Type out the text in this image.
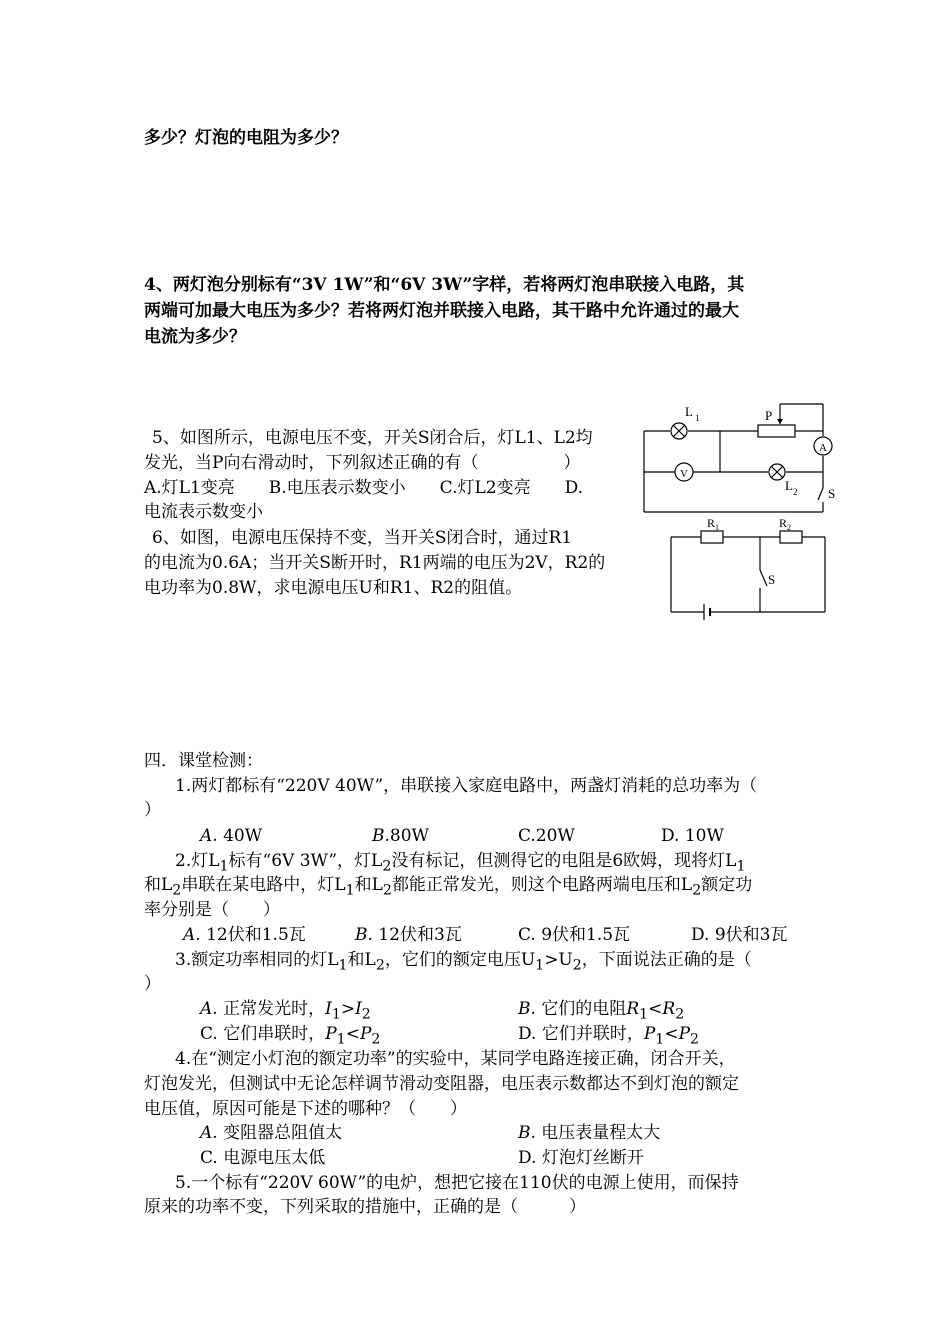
多少？灯泡的电阻为多少？
4、两灯泡分别标有“3V 1W”和“6V 3W”字样，若将两灯泡串联接入电路，其
两端可加最大电压为多少？若将两灯泡并联接入电路，其干路中允许通过的最大
电流为多少？
5、如图所示，电源电压不变，开关S闭合后，灯L1、L2均
发光，当P向右滑动时，下列叙述正确的有（　　　　　）
A.灯L1变亮　　B.电压表示数变小　　C.灯L2变亮　　D.
电流表示数变小
L 1	P
A
V
L 2 S
6、如图，电源电压保持不变，当开关S闭合时，通过R1
的电流为0.6A；当开关S断开时，R1两端的电压为2V，R2的
电功率为0.8W，求电源电压U和R1、R2的阻值。
R 1	R 2
S
四．课堂检测：
1.两灯都标有“220V 40W”，串联接入家庭电路中，两盏灯消耗的总功率为（
）
A. 40W	B.80W	C.20W	D. 10W
2.灯$L_1$标有“6V 3W”，灯$L_2$没有标记，但测得它的电阻是6欧姆，现将灯$L_1$
和$L_2$串联在某电路中，灯$L_1$和$L_2$都能正常发光，则这个电路两端电压和$L_2$额定功
率分别是（　　）
A. 12伏和1.5瓦	B. 12伏和3瓦	C. 9伏和1.5瓦	D. 9伏和3瓦
3.额定功率相同的灯$L_1$和$L_2$，它们的额定电压$U_1>U_2$，下面说法正确的是（
）
A. 正常发光时，$I_1>I_2$	B. 它们的电阻$R_1<R_2$
C. 它们串联时，$P_1<P_2$	D. 它们并联时，$P_1<P_2$
4.在“测定小灯泡的额定功率”的实验中，某同学电路连接正确，闭合开关，
灯泡发光，但测试中无论怎样调节滑动变阻器，电压表示数都达不到灯泡的额定
电压值，原因可能是下述的哪种？（　　）
A. 变阻器总阻值太	B. 电压表量程太大
C. 电源电压太低	D. 灯泡灯丝断开
5.一个标有“220V 60W”的电炉，想把它接在110伏的电源上使用，而保持
原来的功率不变，下列采取的措施中，正确的是（　　　）
